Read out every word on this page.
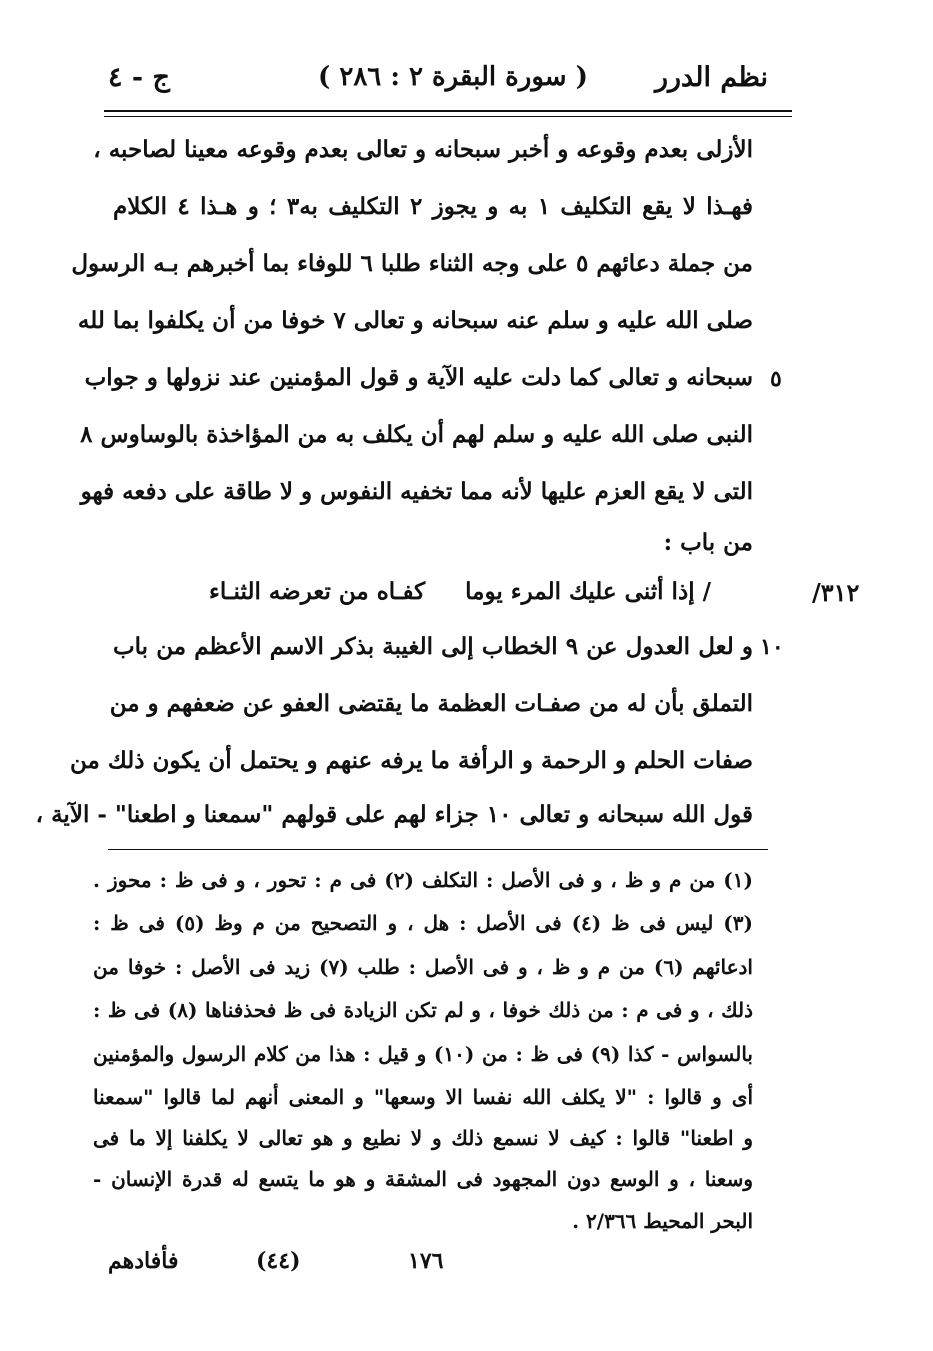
نظم الدرر
( سورة البقرة ٢ : ٢٨٦ )
ج - ٤
الأزلى بعدم وقوعه و أخبر سبحانه و تعالى بعدم وقوعه معينا لصاحبه ،
فهـذا لا يقع التكليف ١ به و يجوز ٢ التكليف به٣ ؛ و هـذا ٤ الكلام
من جملة دعائهم ٥ على وجه الثناء طلبا ٦ للوفاء بما أخبرهم بـه الرسول
صلى الله عليه و سلم عنه سبحانه و تعالى ٧ خوفا من أن يكلفوا بما لله
سبحانه و تعالى كما دلت عليه الآية و قول المؤمنين عند نزولها و جواب ٥
النبى صلى الله عليه و سلم لهم أن يكلف به من المؤاخذة بالوساوس ٨
التى لا يقع العزم عليها لأنه مما تخفيه النفوس و لا طاقة على دفعه فهو
من باب :
/ إذا أثنى عليك المرء يوما     كفـاه من تعرضه الثنـاء	٣١٢/
و لعل العدول عن ٩ الخطاب إلى الغيبة بذكر الاسم الأعظم من باب ١٠
التملق بأن له من صفـات العظمة ما يقتضى العفو عن ضعفهم و من
صفات الحلم و الرحمة و الرأفة ما يرفه عنهم و يحتمل أن يكون ذلك من
قول الله سبحانه و تعالى ١٠ جزاء لهم على قولهم "سمعنا و اطعنا" - الآية ،
(١) من م و ظ ، و فى الأصل : التكلف (٢) فى م : تحور ، و فى ظ : محوز .
(٣) ليس فى ظ (٤) فى الأصل : هل ، و التصحيح من م وظ (٥) فى ظ :
ادعائهم (٦) من م و ظ ، و فى الأصل : طلب (٧) زيد فى الأصل : خوفا من
ذلك ، و فى م : من ذلك خوفا ، و لم تكن الزيادة فى ظ فحذفناها (٨) فى ظ :
بالسواس - كذا (٩) فى ظ : من (١٠) و قيل : هذا من كلام الرسول والمؤمنين
أى و قالوا : "لا يكلف الله نفسا الا وسعها" و المعنى أنهم لما قالوا "سمعنا
و اطعنا" قالوا : كيف لا نسمع ذلك و لا نطيع و هو تعالى لا يكلفنا إلا ما فى
وسعنا ، و الوسع دون المجهود فى المشقة و هو ما يتسع له قدرة الإنسان -
البحر المحيط ٢/٣٦٦ .
فأفادهم	(٤٤)	١٧٦
